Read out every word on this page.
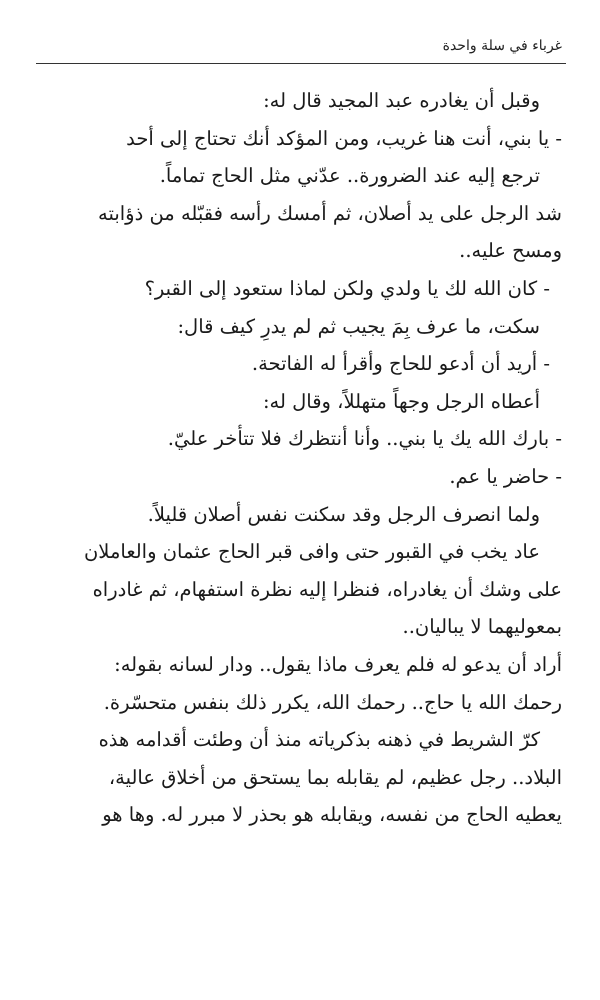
غرباء في سلة واحدة
وقبل أن يغادره عبد المجيد قال له:
- يا بني، أنت هنا غريب، ومن المؤكد أنك تحتاج إلى أحد
ترجع إليه عند الضرورة.. عدّني مثل الحاج تماماً.
شد الرجل على يد أصلان، ثم أمسك رأسه فقبّله من ذؤابته
ومسح عليه..
- كان الله لك يا ولدي ولكن لماذا ستعود إلى القبر؟
سكت، ما عرف بِمَ يجيب ثم لم يدرِ كيف قال:
- أريد أن أدعو للحاج وأقرأ له الفاتحة.
أعطاه الرجل وجهاً متهللاً، وقال له:
- بارك الله يك يا بني.. وأنا أنتظرك فلا تتأخر عليّ.
- حاضر يا عم.
ولما انصرف الرجل وقد سكنت نفس أصلان قليلاً.
عاد يخب في القبور حتى وافى قبر الحاج عثمان والعاملان
على وشك أن يغادراه، فنظرا إليه نظرة استفهام، ثم غادراه
بمعوليهما لا يباليان..
أراد أن يدعو له فلم يعرف ماذا يقول.. ودار لسانه بقوله:
رحمك الله يا حاج.. رحمك الله، يكرر ذلك بنفس متحسّرة.
كرّ الشريط في ذهنه بذكرياته منذ أن وطئت أقدامه هذه
البلاد.. رجل عظيم، لم يقابله بما يستحق من أخلاق عالية،
يعطيه الحاج من نفسه، ويقابله هو بحذر لا مبرر له. وها هو
